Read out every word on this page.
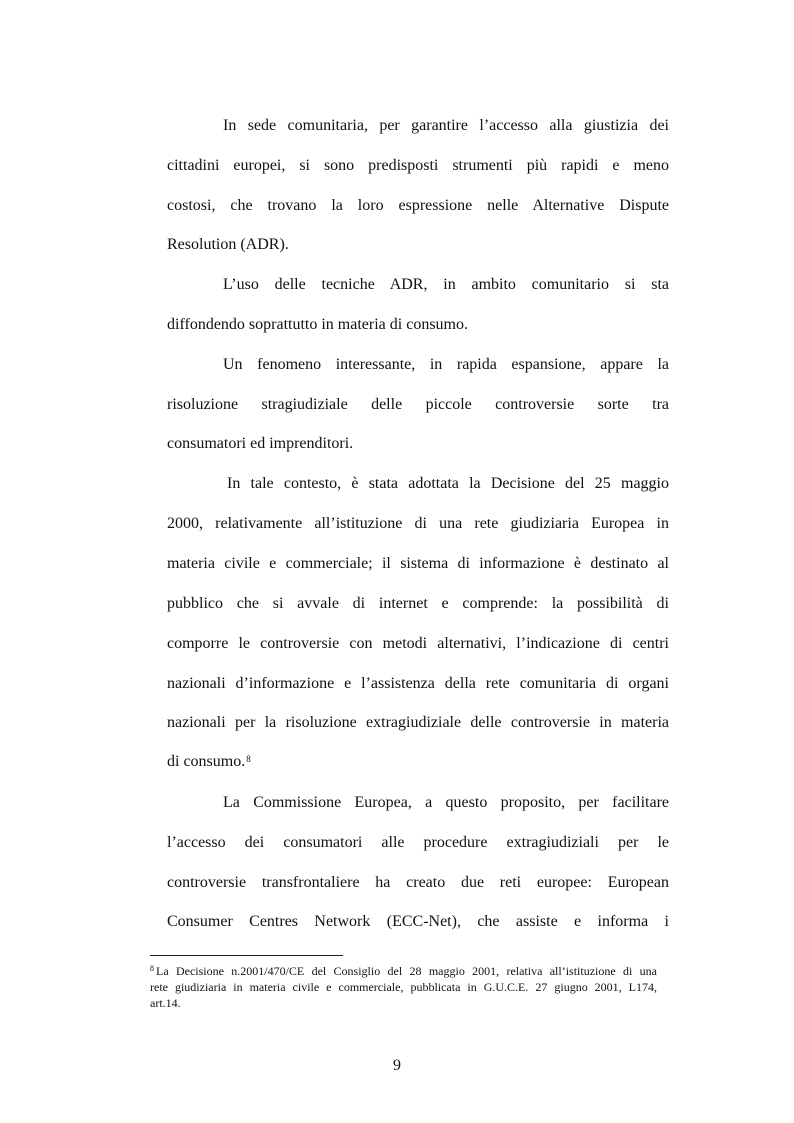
In sede comunitaria, per garantire l’accesso alla giustizia dei
cittadini europei, si sono predisposti strumenti più rapidi e meno
costosi, che trovano la loro espressione nelle Alternative Dispute
Resolution (ADR).
L’uso delle tecniche ADR, in ambito comunitario si sta
diffondendo soprattutto in materia di consumo.
Un fenomeno interessante, in rapida espansione, appare la
risoluzione stragiudiziale delle piccole controversie sorte tra
consumatori ed imprenditori.
In tale contesto, è stata adottata la Decisione del 25 maggio
2000, relativamente all’istituzione di una rete giudiziaria Europea in
materia civile e commerciale; il sistema di informazione è destinato al
pubblico che si avvale di internet e comprende: la possibilità di
comporre le controversie con metodi alternativi, l’indicazione di centri
nazionali d’informazione e l’assistenza della rete comunitaria di organi
nazionali per la risoluzione extragiudiziale delle controversie in materia
di consumo.$^8$
La Commissione Europea, a questo proposito, per facilitare
l’accesso dei consumatori alle procedure extragiudiziali per le
controversie transfrontaliere ha creato due reti europee: European
Consumer Centres Network (ECC-Net), che assiste e informa i
$^8$ La Decisione n.2001/470/CE del Consiglio del 28 maggio 2001, relativa all’istituzione di una
rete giudiziaria in materia civile e commerciale, pubblicata in G.U.C.E. 27 giugno 2001, L174,
art.14.
9
